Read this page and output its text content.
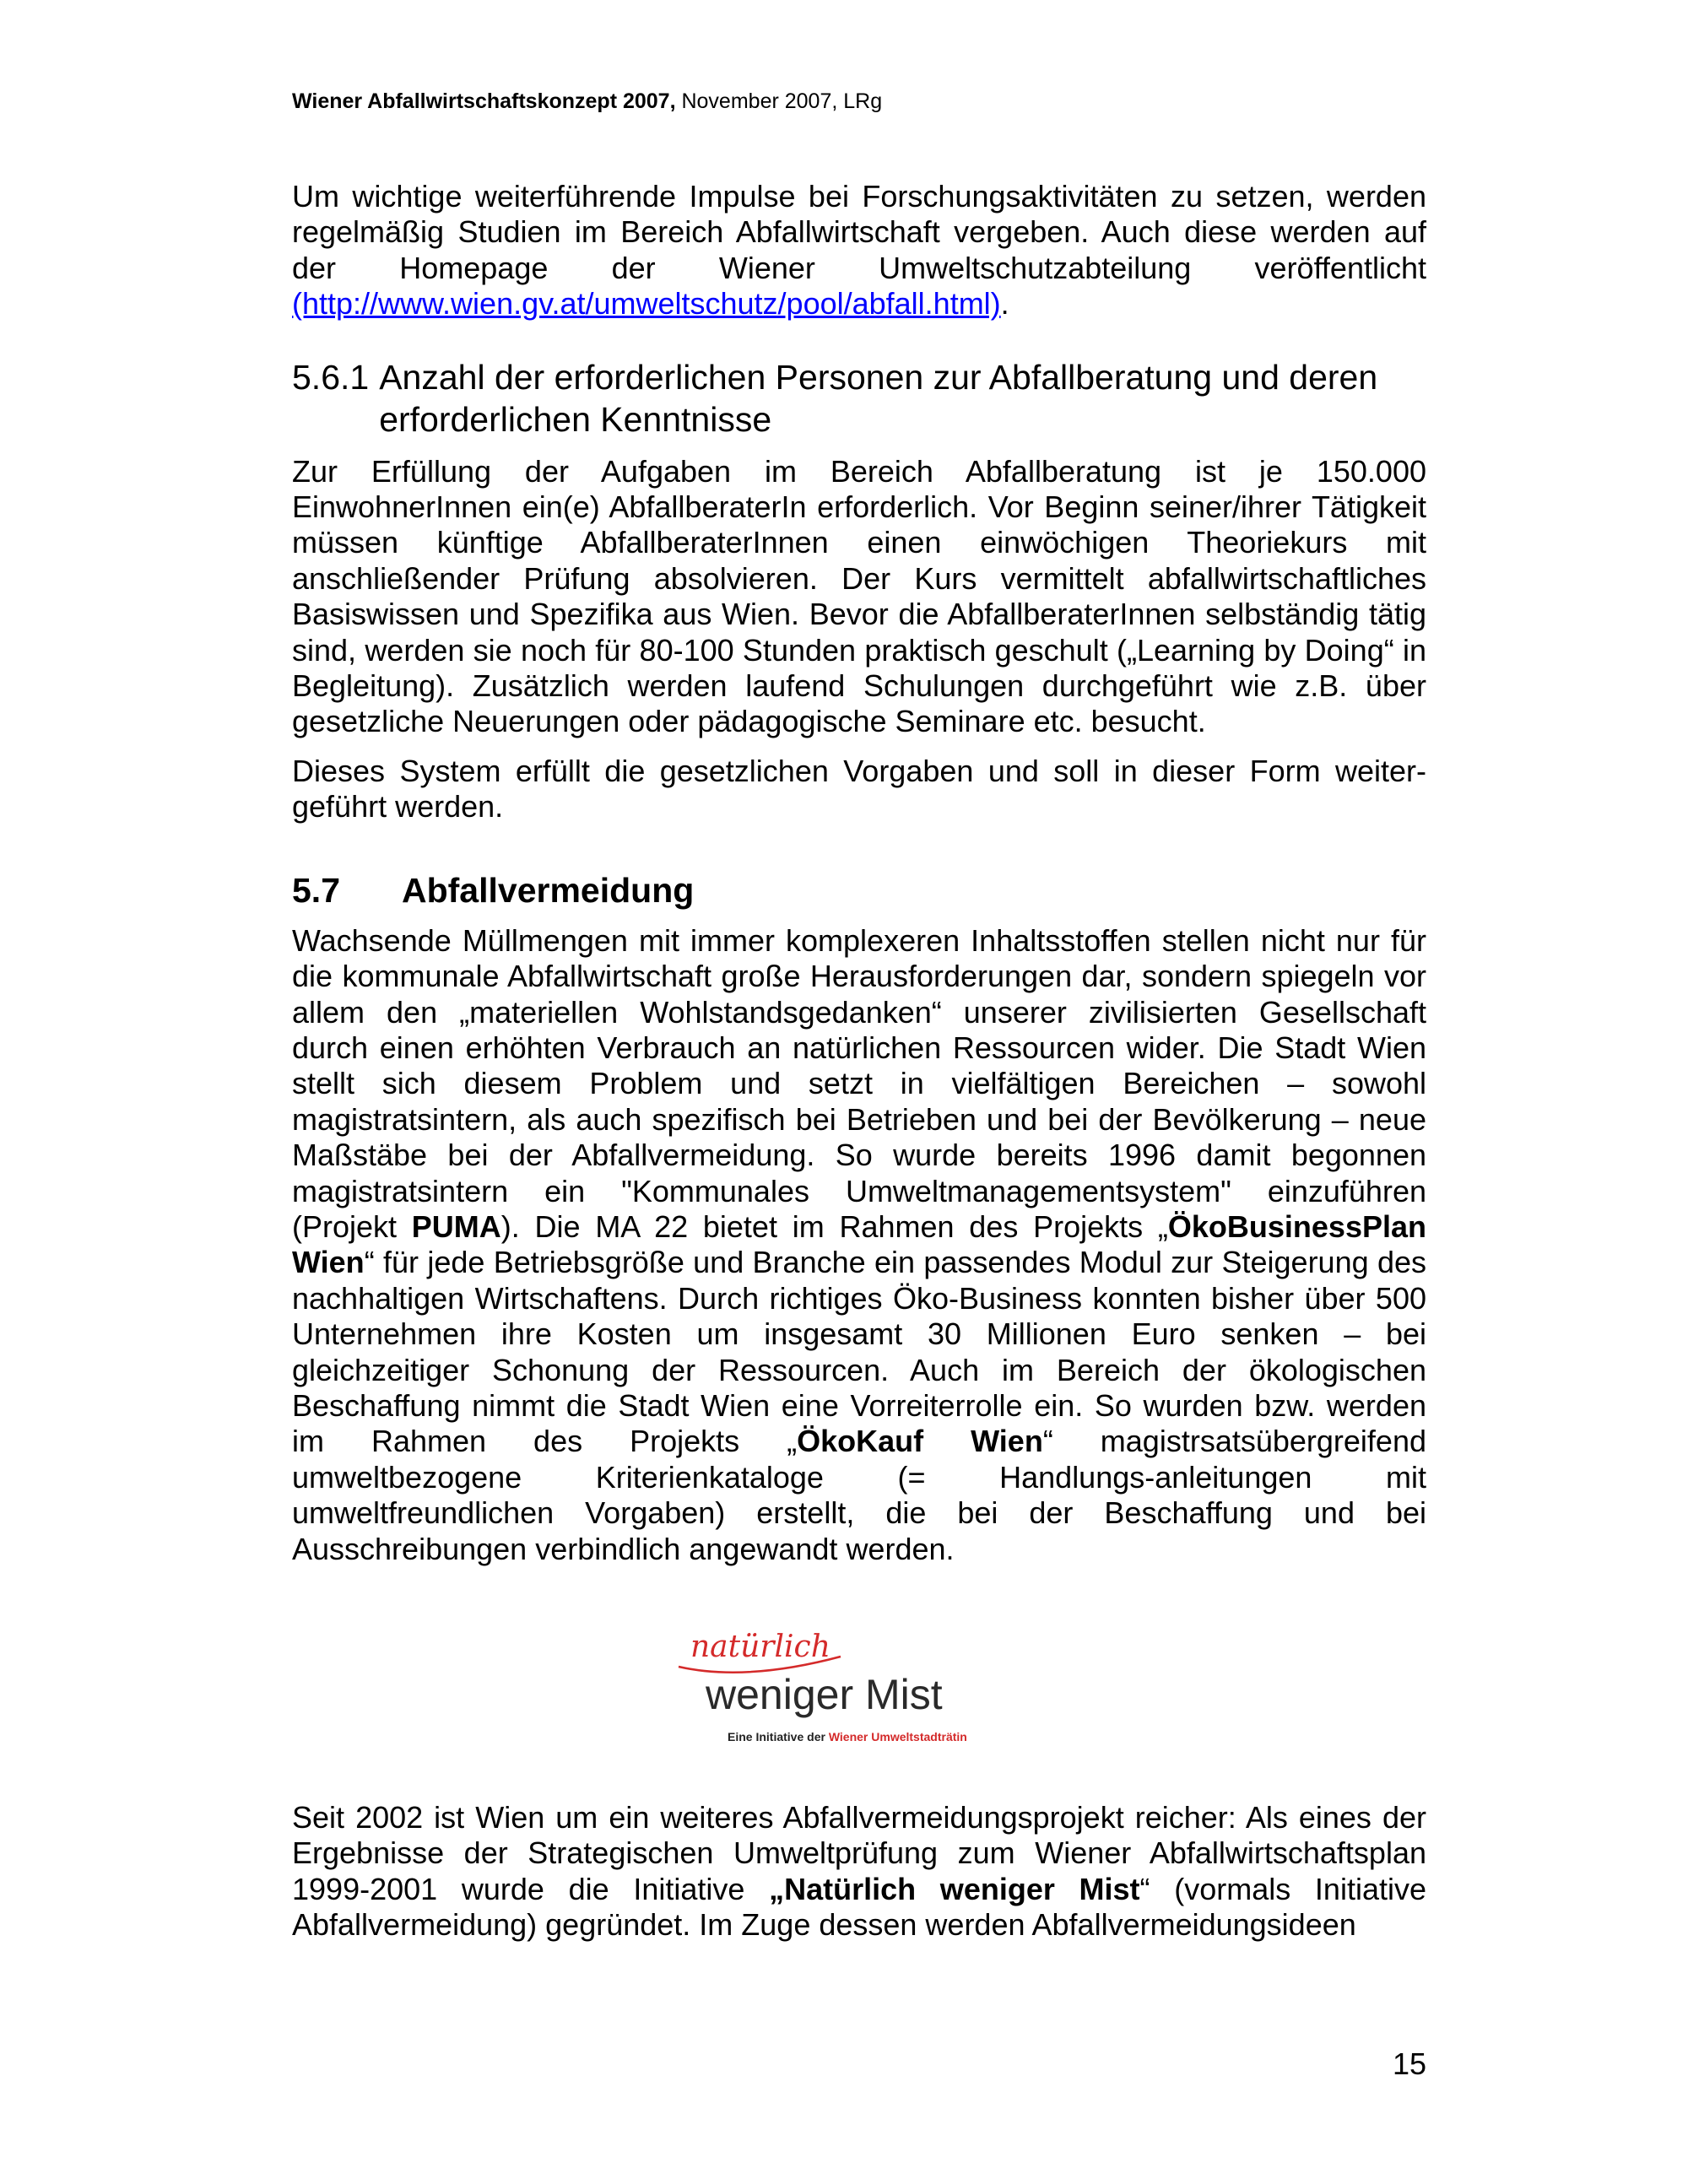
Wiener Abfallwirtschaftskonzept 2007, November 2007, LRg

Um wichtige weiterführende Impulse bei Forschungsaktivitäten zu setzen, werden regelmäßig Studien im Bereich Abfallwirtschaft vergeben. Auch diese werden auf der Homepage der Wiener Umweltschutzabteilung veröffentlicht (http://www.wien.gv.at/umweltschutz/pool/abfall.html).

5.6.1 Anzahl der erforderlichen Personen zur Abfallberatung und deren erforderlichen Kenntnisse

Zur Erfüllung der Aufgaben im Bereich Abfallberatung ist je 150.000 EinwohnerInnen ein(e) AbfallberaterIn erforderlich. Vor Beginn seiner/ihrer Tätigkeit müssen künftige AbfallberaterInnen einen einwöchigen Theoriekurs mit anschließender Prüfung absolvieren. Der Kurs vermittelt abfallwirtschaftliches Basiswissen und Spezifika aus Wien. Bevor die AbfallberaterInnen selbständig tätig sind, werden sie noch für 80-100 Stunden praktisch geschult („Learning by Doing“ in Begleitung). Zusätzlich werden laufend Schulungen durchgeführt wie z.B. über gesetzliche Neuerungen oder pädagogische Seminare etc. besucht.

Dieses System erfüllt die gesetzlichen Vorgaben und soll in dieser Form weiter-geführt werden.

5.7	Abfallvermeidung

Wachsende Müllmengen mit immer komplexeren Inhaltsstoffen stellen nicht nur für die kommunale Abfallwirtschaft große Herausforderungen dar, sondern spiegeln vor allem den „materiellen Wohlstandsgedanken“ unserer zivilisierten Gesellschaft durch einen erhöhten Verbrauch an natürlichen Ressourcen wider. Die Stadt Wien stellt sich diesem Problem und setzt in vielfältigen Bereichen – sowohl magistratsintern, als auch spezifisch bei Betrieben und bei der Bevölkerung – neue Maßstäbe bei der Abfallvermeidung. So wurde bereits 1996 damit begonnen magistratsintern ein "Kommunales Umweltmanagementsystem" einzuführen (Projekt PUMA). Die MA 22 bietet im Rahmen des Projekts „ÖkoBusinessPlan Wien“ für jede Betriebsgröße und Branche ein passendes Modul zur Steigerung des nachhaltigen Wirtschaftens. Durch richtiges Öko-Business konnten bisher über 500 Unternehmen ihre Kosten um insgesamt 30 Millionen Euro senken – bei gleichzeitiger Schonung der Ressourcen. Auch im Bereich der ökologischen Beschaffung nimmt die Stadt Wien eine Vorreiterrolle ein. So wurden bzw. werden im Rahmen des Projekts „ÖkoKauf Wien“ magistrsatsübergreifend umweltbezogene Kriterienkataloge (= Handlungs-anleitungen mit umweltfreundlichen Vorgaben) erstellt, die bei der Beschaffung und bei Ausschreibungen verbindlich angewandt werden.

natürlich
weniger Mist
Eine Initiative der Wiener Umweltstadträtin

Seit 2002 ist Wien um ein weiteres Abfallvermeidungsprojekt reicher: Als eines der Ergebnisse der Strategischen Umweltprüfung zum Wiener Abfallwirtschaftsplan 1999-2001 wurde die Initiative „Natürlich weniger Mist“ (vormals Initiative Abfallvermeidung) gegründet. Im Zuge dessen werden Abfallvermeidungsideen

15
